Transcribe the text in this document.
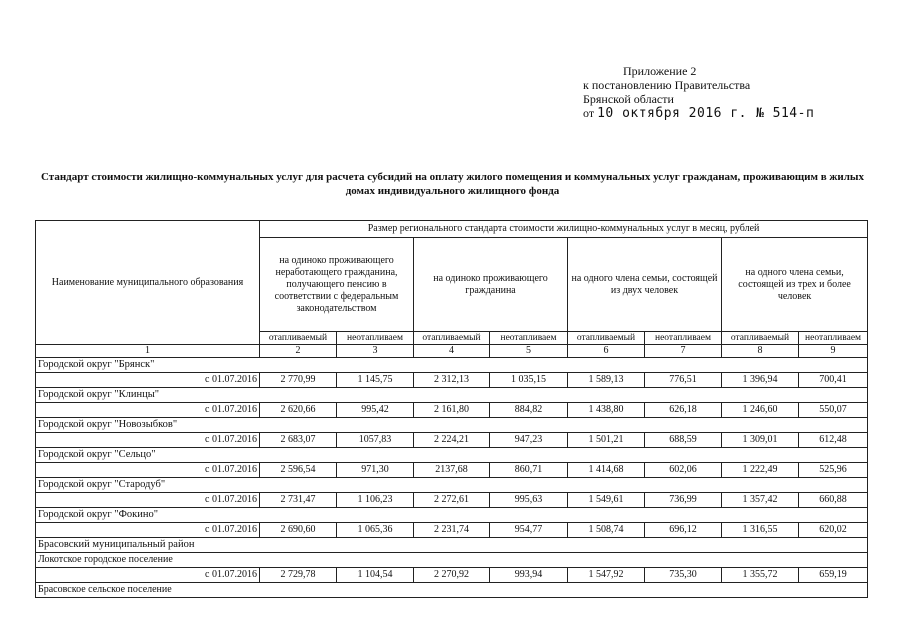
Приложение 2
к постановлению Правительства
Брянской области
от 10 октября 2016 г. № 514-п
Стандарт стоимости жилищно-коммунальных услуг для расчета субсидий на оплату жилого помещения и коммунальных услуг гражданам, проживающим в жилых домах индивидуального жилищного фонда
Наименование муниципального образования	Размер регионального стандарта стоимости жилищно-коммунальных услуг в месяц, рублей							
	на одиноко проживающего неработающего гражданина, получающего пенсию в соответствии с федеральным законодательством		на одиноко проживающего гражданина		на одного члена семьи, состоящей из двух человек		на одного члена семьи, состоящей из трех и более человек	
	отапливаемый	неотапливаем	отапливаемый	неотапливаем	отапливаемый	неотапливаем	отапливаемый	неотапливаем
1	2	3	4	5	6	7	8	9
Городской округ "Брянск"								
с 01.07.2016	2 770,99	1 145,75	2 312,13	1 035,15	1 589,13	776,51	1 396,94	700,41
Городской округ "Клинцы"								
с 01.07.2016	2 620,66	995,42	2 161,80	884,82	1 438,80	626,18	1 246,60	550,07
Городской округ "Новозыбков"								
с 01.07.2016	2 683,07	1057,83	2 224,21	947,23	1 501,21	688,59	1 309,01	612,48
Городской округ "Сельцо"								
с 01.07.2016	2 596,54	971,30	2137,68	860,71	1 414,68	602,06	1 222,49	525,96
Городской округ "Стародуб"								
с 01.07.2016	2 731,47	1 106,23	2 272,61	995,63	1 549,61	736,99	1 357,42	660,88
Городской округ "Фокино"								
с 01.07.2016	2 690,60	1 065,36	2 231,74	954,77	1 508,74	696,12	1 316,55	620,02
Брасовский муниципальный район								
Локотское городское поселение								
с 01.07.2016	2 729,78	1 104,54	2 270,92	993,94	1 547,92	735,30	1 355,72	659,19
Брасовское сельское поселение								
